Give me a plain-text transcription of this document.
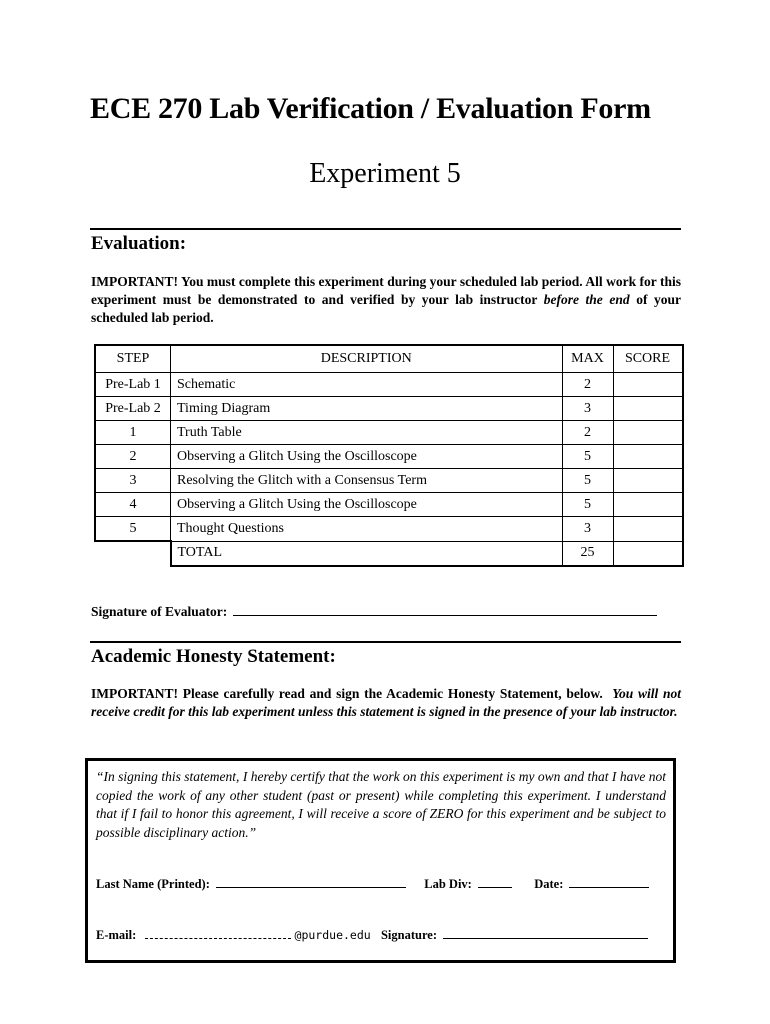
ECE 270 Lab Verification / Evaluation Form
Experiment 5
Evaluation:
IMPORTANT! You must complete this experiment during your scheduled lab period. All work for this experiment must be demonstrated to and verified by your lab instructor before the end of your scheduled lab period.
STEP	DESCRIPTION	MAX	SCORE
Pre-Lab 1	Schematic	2	
Pre-Lab 2	Timing Diagram	3	
1	Truth Table	2	
2	Observing a Glitch Using the Oscilloscope	5	
3	Resolving the Glitch with a Consensus Term	5	
4	Observing a Glitch Using the Oscilloscope	5	
5	Thought Questions	3	
	TOTAL	25	
Signature of Evaluator:
Academic Honesty Statement:
IMPORTANT! Please carefully read and sign the Academic Honesty Statement, below. You will not receive credit for this lab experiment unless this statement is signed in the presence of your lab instructor.
“In signing this statement, I hereby certify that the work on this experiment is my own and that I have not copied the work of any other student (past or present) while completing this experiment. I understand that if I fail to honor this agreement, I will receive a score of ZERO for this experiment and be subject to possible disciplinary action.”
Last Name (Printed):	Lab Div:	Date:
E-mail:	@purdue.edu Signature:
